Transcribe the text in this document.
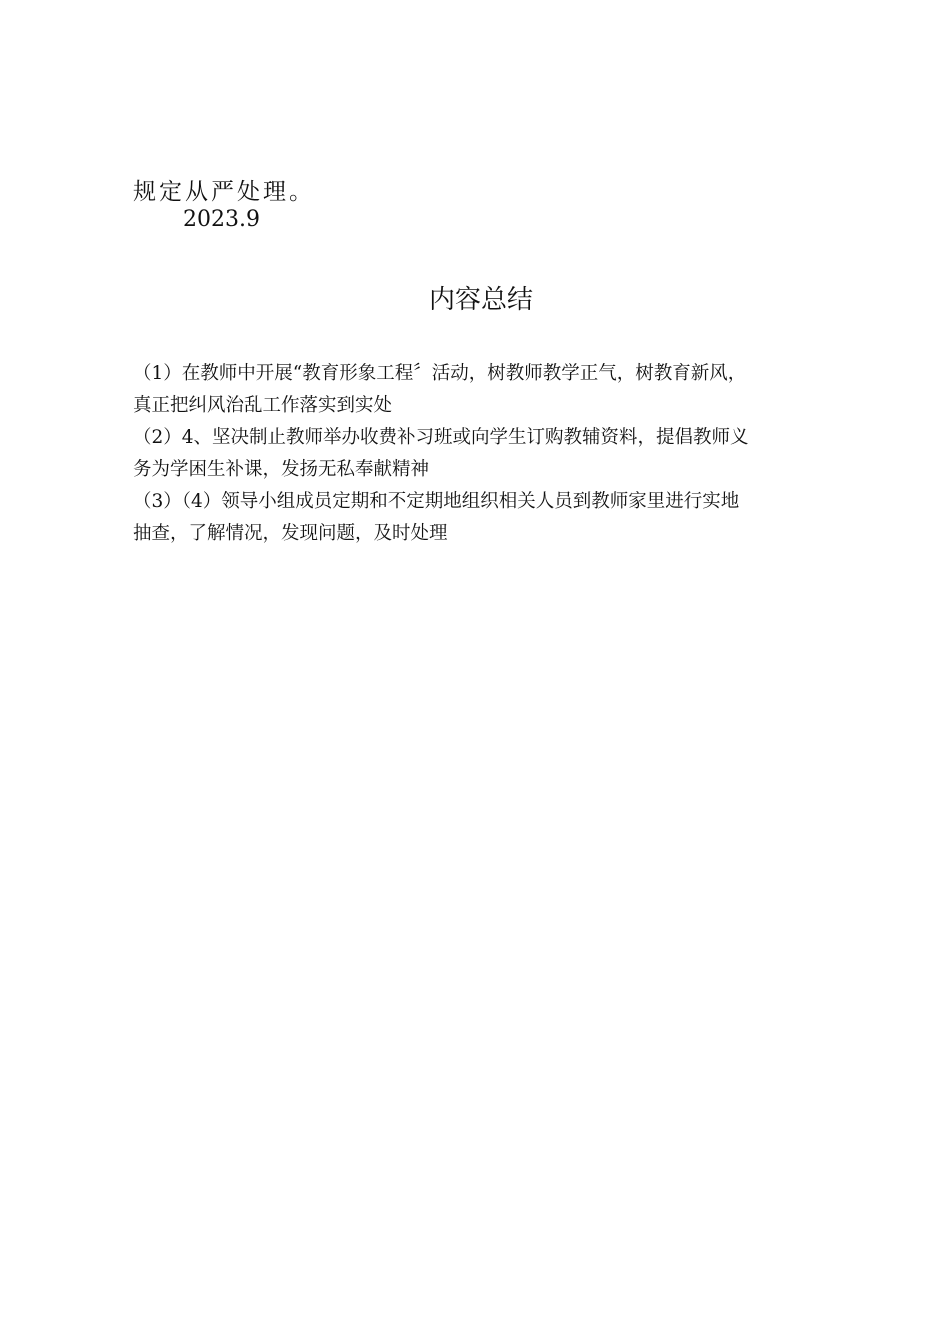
规定从严处理。
2023.9
内容总结

（1）在教师中开展“教育形象工程〞活动，树教师教学正气，树教育新风，

真正把纠风治乱工作落实到实处

（2）4、坚决制止教师举办收费补习班或向学生订购教辅资料，提倡教师义

务为学困生补课，发扬无私奉献精神

（3）（4）领导小组成员定期和不定期地组织相关人员到教师家里进行实地

抽查，了解情况，发现问题，及时处理
